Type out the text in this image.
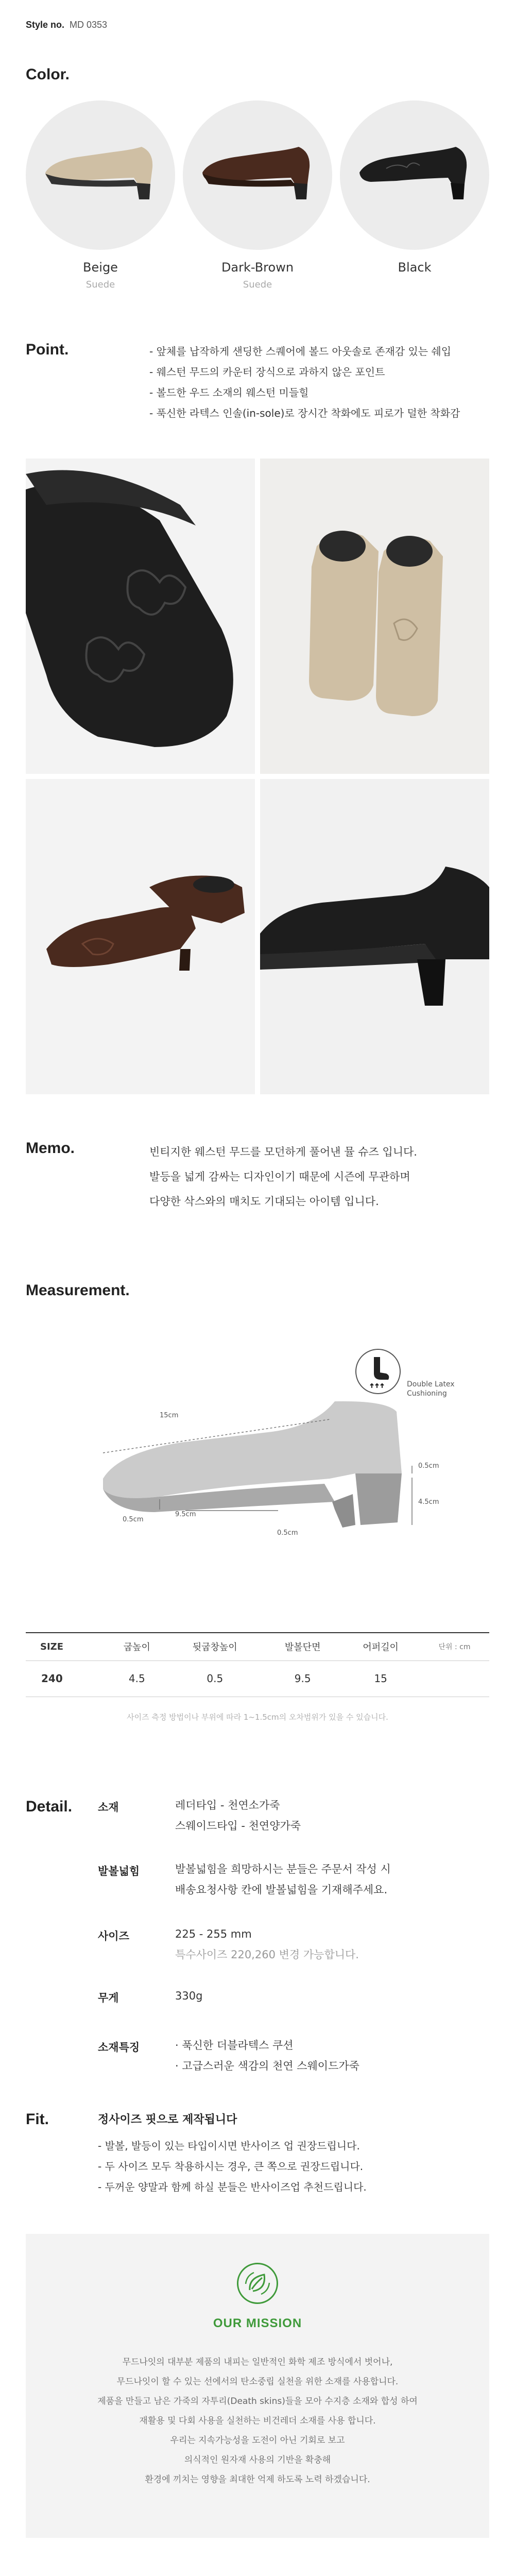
Style no. MD 0353
Color.
Beige
Suede
Dark-Brown
Suede
Black
Point.	- 앞체를 납작하게 샌딩한 스퀘어에 볼드 아웃솔로 존재감 있는 쉐입
- 웨스턴 무드의 카운터 장식으로 과하지 않은 포인트
- 볼드한 우드 소재의 웨스턴 미들힐
- 푹신한 라텍스 인솔(in-sole)로 장시간 착화에도 피로가 덜한 착화감
Memo.	빈티지한 웨스턴 무드를 모던하게 풀어낸 뮬 슈즈 입니다.

발등을 넓게 감싸는 디자인이기 때문에 시즌에 무관하며

다양한 삭스와의 매치도 기대되는 아이템 입니다.

Measurement.
Double Latex
Cushioning
15cm
0.5cm
4.5cm
9.5cm
0.5cm
0.5cm
SIZE	굽높이	뒷굽창높이	발볼단면	어퍼길이	단위 : cm
240	4.5	0.5	9.5	15	
사이즈 측정 방법이나 부위에 따라 1~1.5cm의 오차범위가 있을 수 있습니다.
Detail. 소재	레더타입 - 천연소가죽
스웨이드타입 - 천연양가죽
발볼넓힘	발볼넓힘을 희망하시는 분들은 주문서 작성 시
배송요청사항 칸에 발볼넓힘을 기재해주세요.
사이즈	225 - 255 mm
특수사이즈 220,260 변경 가능합니다.
무게	330g
소재특징	· 푹신한 더블라텍스 쿠션
· 고급스러운 색감의 천연 스웨이드가죽
Fit.	정사이즈 핏으로 제작됩니다
- 발볼, 발등이 있는 타입이시면 반사이즈 업 권장드립니다.
- 두 사이즈 모두 착용하시는 경우, 큰 쪽으로 권장드립니다.
- 두꺼운 양말과 함께 하실 분들은 반사이즈업 추천드립니다.
OUR MISSION

무드나잇의 대부분 제품의 내피는 일반적인 화학 제조 방식에서 벗어나,

무드나잇이 할 수 있는 선에서의 탄소중립 실천을 위한 소재를 사용합니다.

제품을 만들고 남은 가죽의 자투리(Death skins)들을 모아 수지층 소재와 합성 하여

재활용 및 다회 사용을 실천하는 비건레더 소재를 사용 합니다.

우리는 지속가능성을 도전이 아닌 기회로 보고

의식적인 원자재 사용의 기반을 확충해

환경에 끼치는 영향을 최대한 억제 하도록 노력 하겠습니다.
